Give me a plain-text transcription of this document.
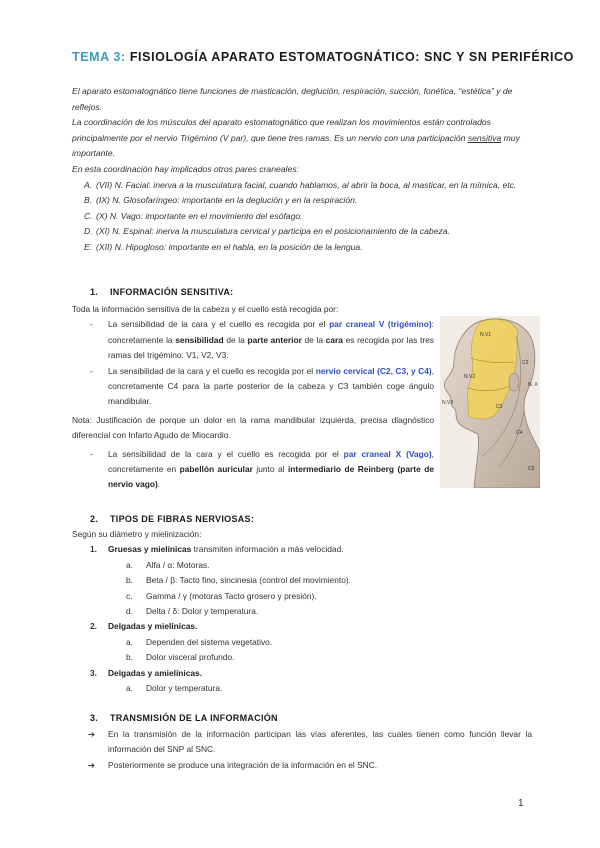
TEMA 3: FISIOLOGÍA APARATO ESTOMATOGNÁTICO: SNC Y SN PERIFÉRICO

El aparato estomatognático tiene funciones de masticación, deglución, respiración, succión, fonética, “estética” y de reflejos.

La coordinación de los músculos del aparato estomatognático que realizan los movimientos están controlados principalmente por el nervio Trigémino (V par), que tiene tres ramas. Es un nervio con una participación sensitiva muy importante.

En esta coordinación hay implicados otros pares craneales:

A. (VII) N. Facial: inerva a la musculatura facial, cuando hablamos, al abrir la boca, al masticar, en la mímica, etc.
B. (IX) N. Glosofaríngeo: importante en la deglución y en la respiración.
C. (X) N. Vago: importante en el movimiento del esófago.
D. (XI) N. Espinal: inerva la musculatura cervical y participa en el posicionamiento de la cabeza.
E. (XII) N. Hipogloso: importante en el habla, en la posición de la lengua.
1. INFORMACIÓN SENSITIVA:

Toda la información sensitiva de la cabeza y el cuello está recogida por:

- La sensibilidad de la cara y el cuello es recogida por el par craneal V (trigémino): concretamente la sensibilidad de la parte anterior de la cara es recogida por las tres ramas del trigémino: V1, V2, V3.
- La sensibilidad de la cara y el cuello es recogida por el nervio cervical (C2, C3, y C4), concretamente C4 para la parte posterior de la cabeza y C3 también coge ángulo mandibular.

Nota: Justificación de porque un dolor en la rama mandibular izquierda, precisa diagnóstico diferencial con Infarto Agudo de Miocardio.

- La sensibilidad de la cara y el cuello es recogida por el par craneal X (Vago), concretamente en pabellón auricular junto al intermediario de Reinberg (parte de nervio vago).
N.V1
N.V2
N.V3
C2
C3
C4
N. X
C5
2. TIPOS DE FIBRAS NERVIOSAS:

Según su diámetro y mielinización:

1. Gruesas y mielínicas transmiten información a más velocidad.
a. Alfa / α: Motoras.
b. Beta / β: Tacto fino, sincinesia (control del movimiento).
c. Gamma / γ (motoras Tacto grosero y presión).
d. Delta / δ: Dolor y temperatura.
2. Delgadas y mielínicas.
a. Dependen del sistema vegetativo.
b. Dolor visceral profundo.
3. Delgadas y amielínicas.
a. Dolor y temperatura.
3. TRANSMISIÓN DE LA INFORMACIÓN
➔ En la transmisión de la información participan las vías aferentes, las cuales tienen como función llevar la información del SNP al SNC.
➔ Posteriormente se produce una integración de la información en el SNC.
1
